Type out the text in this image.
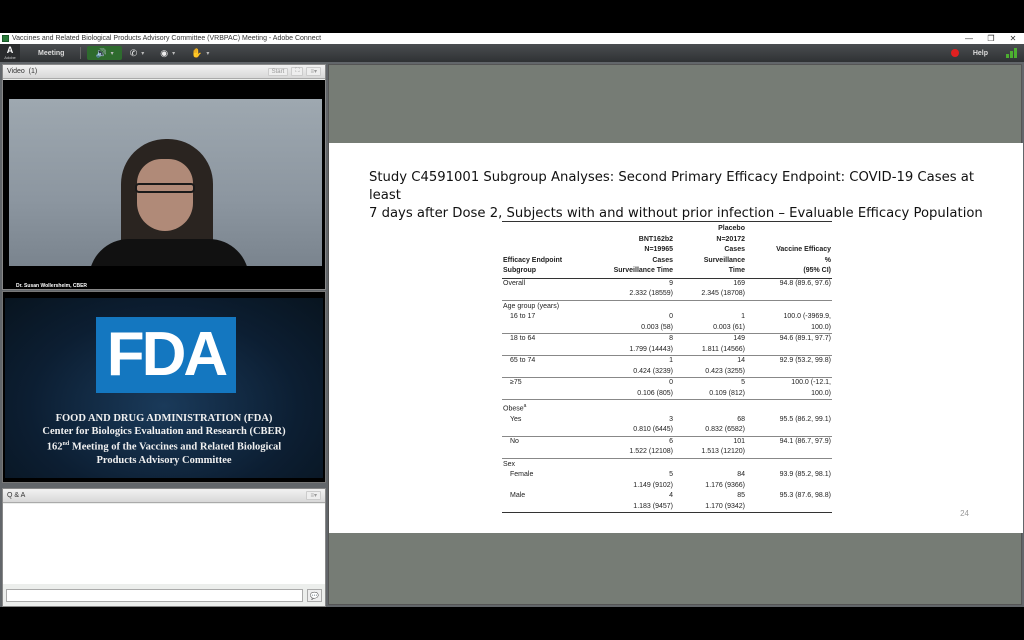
Vaccines and Related Biological Products Advisory Committee (VRBPAC) Meeting - Adobe Connect	—	❐	✕
A
Adobe
Meeting	🔊 ▾ ✆ ▾ ◉ ▾ ✋ ▾	Help
Video (1)	Start	⛶	≡▾
Dr. Susan Wollersheim, CBER
FDA
FOOD AND DRUG ADMINISTRATION (FDA)
Center for Biologics Evaluation and Research (CBER)
162nd Meeting of the Vaccines and Related Biological
Products Advisory Committee
Q & A	≡▾
💬
Study C4591001 Subgroup Analyses: Second Primary Efficacy Endpoint: COVID-19 Cases at least
7 days after Dose 2, Subjects with and without prior infection – Evaluable Efficacy Population
Efficacy Endpoint
Subgroup

BNT162b2
N=19965
Cases
Surveillance Time

Placebo
N=20172
Cases
Surveillance
Time

Vaccine Efficacy
%
(95% CI)

Overall	9	169	94.8 (89.6, 97.6)
	2.332 (18559)	2.345 (18708)	
Age group (years)			
16 to 17	0	1	100.0 (-3969.9,
	0.003 (58)	0.003 (61)	100.0)
18 to 64	8	149	94.6 (89.1, 97.7)
	1.799 (14443)	1.811 (14566)	
65 to 74	1	14	92.9 (53.2, 99.8)
	0.424 (3239)	0.423 (3255)	
≥75	0	5	100.0 (-12.1,
	0.106 (805)	0.109 (812)	100.0)
Obese$^a$
Yes	3	68	95.5 (86.2, 99.1)
	0.810 (6445)	0.832 (6582)	
No	6	101	94.1 (86.7, 97.9)
	1.522 (12108)	1.513 (12120)	
Sex			
Female	5	84	93.9 (85.2, 98.1)
	1.149 (9102)	1.176 (9366)	
Male	4	85	95.3 (87.6, 98.8)
	1.183 (9457)	1.170 (9342)	
24
